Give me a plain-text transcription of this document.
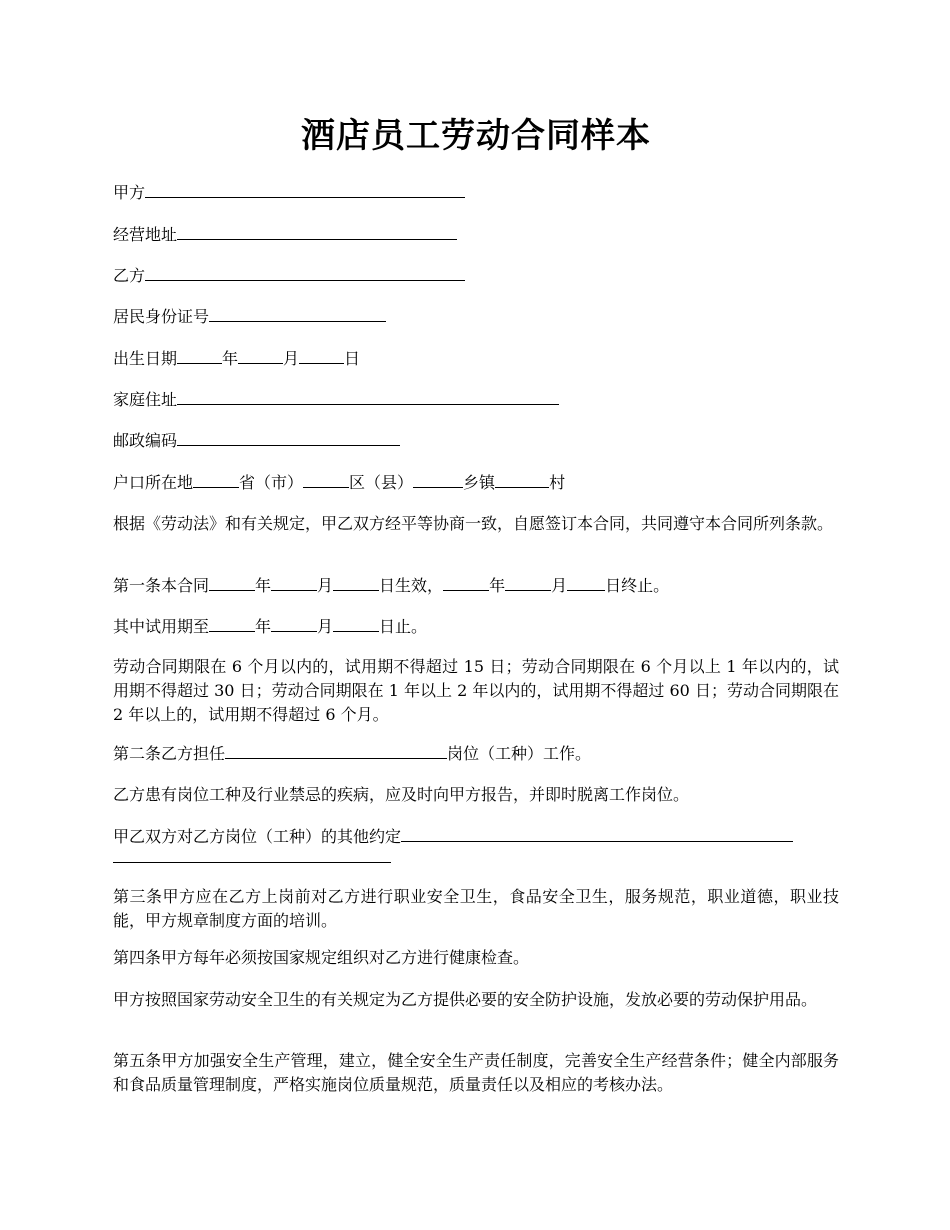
酒店员工劳动合同样本
甲方
经营地址
乙方
居民身份证号
出生日期	年	月	日
家庭住址
邮政编码
户口所在地	省（市）	区（县）	乡镇	村
根据《劳动法》和有关规定，甲乙双方经平等协商一致，自愿签订本合同，共同遵守本合同所列条款。
第一条本合同	年	月	日生效，	年	月 日终止。
其中试用期至	年	月	日止。
劳动合同期限在 6 个月以内的，试用期不得超过 15 日；劳动合同期限在 6 个月以上 1 年以内的，试用期不得超过 30 日；劳动合同期限在 1 年以上 2 年以内的，试用期不得超过 60 日；劳动合同期限在 2 年以上的，试用期不得超过 6 个月。
第二条乙方担任	岗位（工种）工作。
乙方患有岗位工种及行业禁忌的疾病，应及时向甲方报告，并即时脱离工作岗位。
甲乙双方对乙方岗位（工种）的其他约定
第三条甲方应在乙方上岗前对乙方进行职业安全卫生，食品安全卫生，服务规范，职业道德，职业技能，甲方规章制度方面的培训。
第四条甲方每年必须按国家规定组织对乙方进行健康检查。
甲方按照国家劳动安全卫生的有关规定为乙方提供必要的安全防护设施，发放必要的劳动保护用品。
第五条甲方加强安全生产管理，建立，健全安全生产责任制度，完善安全生产经营条件；健全内部服务和食品质量管理制度，严格实施岗位质量规范，质量责任以及相应的考核办法。
